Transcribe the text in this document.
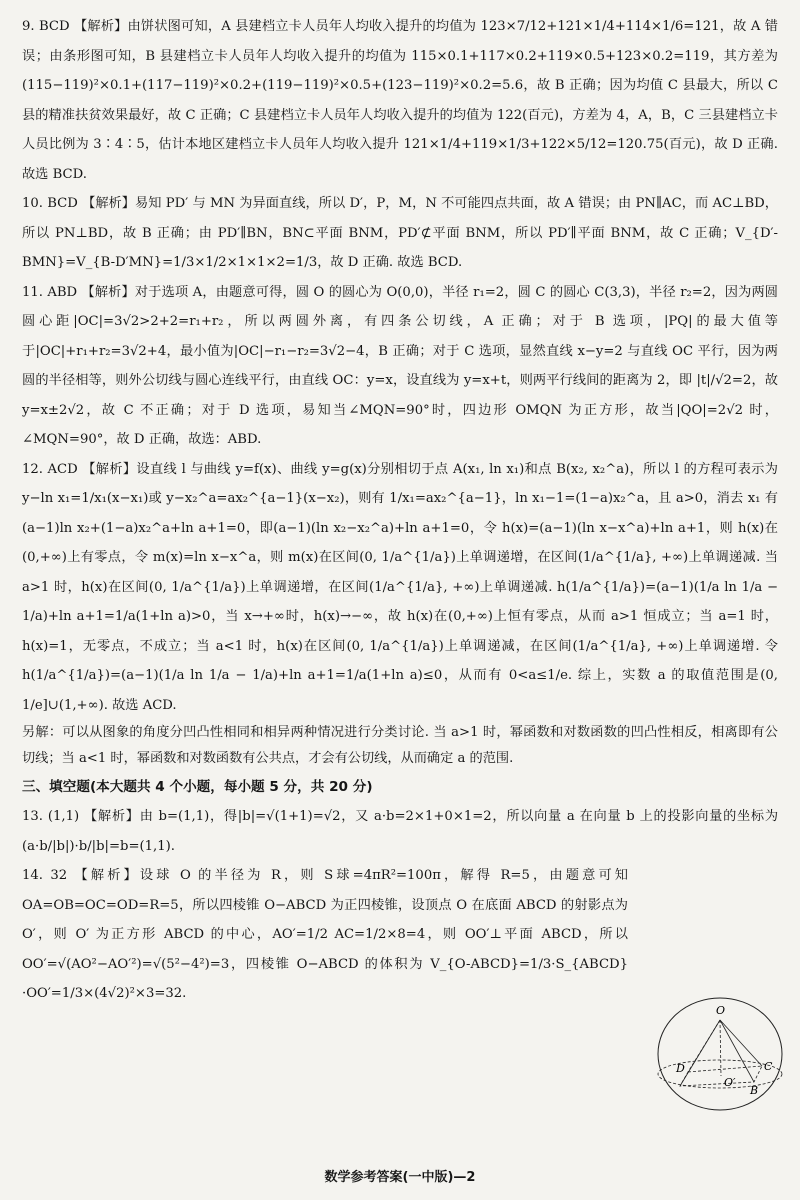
9. BCD 【解析】由饼状图可知，A 县建档立卡人员年人均收入提升的均值为 123×7/12+121×1/4+114×1/6=121，故 A 错误；由条形图可知，B 县建档立卡人员年人均收入提升的均值为 115×0.1+117×0.2+119×0.5+123×0.2=119，其方差为(115−119)²×0.1+(117−119)²×0.2+(119−119)²×0.5+(123−119)²×0.2=5.6，故 B 正确；因为均值 C 县最大，所以 C 县的精准扶贫效果最好，故 C 正确；C 县建档立卡人员年人均收入提升的均值为 122(百元)，方差为 4，A，B，C 三县建档立卡人员比例为 3∶4∶5，估计本地区建档立卡人员年人均收入提升 121×1/4+119×1/3+122×5/12=120.75(百元)，故 D 正确. 故选 BCD.

10. BCD 【解析】易知 PD′ 与 MN 为异面直线，所以 D′，P，M，N 不可能四点共面，故 A 错误；由 PN∥AC，而 AC⊥BD，所以 PN⊥BD，故 B 正确；由 PD′∥BN，BN⊂平面 BNM，PD′⊄平面 BNM，所以 PD′∥平面 BNM，故 C 正确；V_{D′-BMN}=V_{B-D′MN}=1/3×1/2×1×1×2=1/3，故 D 正确. 故选 BCD.

11. ABD 【解析】对于选项 A，由题意可得，圆 O 的圆心为 O(0,0)，半径 r₁=2，圆 C 的圆心 C(3,3)，半径 r₂=2，因为两圆圆心距|OC|=3√2>2+2=r₁+r₂，所以两圆外离，有四条公切线，A 正确；对于 B 选项，|PQ|的最大值等于|OC|+r₁+r₂=3√2+4，最小值为|OC|−r₁−r₂=3√2−4，B 正确；对于 C 选项，显然直线 x−y=2 与直线 OC 平行，因为两圆的半径相等，则外公切线与圆心连线平行，由直线 OC：y=x，设直线为 y=x+t，则两平行线间的距离为 2，即 |t|/√2=2，故 y=x±2√2，故 C 不正确；对于 D 选项，易知当∠MQN=90°时，四边形 OMQN 为正方形，故当|QO|=2√2 时，∠MQN=90°，故 D 正确，故选：ABD.

12. ACD 【解析】设直线 l 与曲线 y=f(x)、曲线 y=g(x)分别相切于点 A(x₁, ln x₁)和点 B(x₂, x₂^a)，所以 l 的方程可表示为 y−ln x₁=1/x₁(x−x₁)或 y−x₂^a=ax₂^{a−1}(x−x₂)，则有 1/x₁=ax₂^{a−1}，ln x₁−1=(1−a)x₂^a，且 a>0，消去 x₁ 有(a−1)ln x₂+(1−a)x₂^a+ln a+1=0，即(a−1)(ln x₂−x₂^a)+ln a+1=0，令 h(x)=(a−1)(ln x−x^a)+ln a+1，则 h(x)在(0,+∞)上有零点，令 m(x)=ln x−x^a，则 m(x)在区间(0, 1/a^{1/a})上单调递增，在区间(1/a^{1/a}, +∞)上单调递减. 当 a>1 时，h(x)在区间(0, 1/a^{1/a})上单调递增，在区间(1/a^{1/a}, +∞)上单调递减. h(1/a^{1/a})=(a−1)(1/a ln 1/a − 1/a)+ln a+1=1/a(1+ln a)>0，当 x→+∞时，h(x)→−∞，故 h(x)在(0,+∞)上恒有零点，从而 a>1 恒成立；当 a=1 时，h(x)=1，无零点，不成立；当 a<1 时，h(x)在区间(0, 1/a^{1/a})上单调递减，在区间(1/a^{1/a}, +∞)上单调递增. 令 h(1/a^{1/a})=(a−1)(1/a ln 1/a − 1/a)+ln a+1=1/a(1+ln a)≤0，从而有 0<a≤1/e. 综上，实数 a 的取值范围是(0, 1/e]∪(1,+∞). 故选 ACD.

另解：可以从图象的角度分凹凸性相同和相异两种情况进行分类讨论. 当 a>1 时，幂函数和对数函数的凹凸性相反，相离即有公切线；当 a<1 时，幂函数和对数函数有公共点，才会有公切线，从而确定 a 的范围.

三、填空题(本大题共 4 个小题，每小题 5 分，共 20 分)

13. (1,1) 【解析】由 b=(1,1)，得|b|=√(1+1)=√2，又 a·b=2×1+0×1=2，所以向量 a 在向量 b 上的投影向量的坐标为(a·b/|b|)·b/|b|=b=(1,1).

14. 32 【解析】设球 O 的半径为 R，则 S球=4πR²=100π，解得 R=5，由题意可知 OA=OB=OC=OD=R=5，所以四棱锥 O−ABCD 为正四棱锥，设顶点 O 在底面 ABCD 的射影点为 O′，则 O′ 为正方形 ABCD 的中心，AO′=1/2 AC=1/2×8=4，则 OO′⊥平面 ABCD，所以 OO′=√(AO²−AO′²)=√(5²−4²)=3，四棱锥 O−ABCD 的体积为 V_{O-ABCD}=1/3·S_{ABCD}·OO′=1/3×(4√2)²×3=32.

O
D	C
O′
B
数学参考答案(一中版)—2
